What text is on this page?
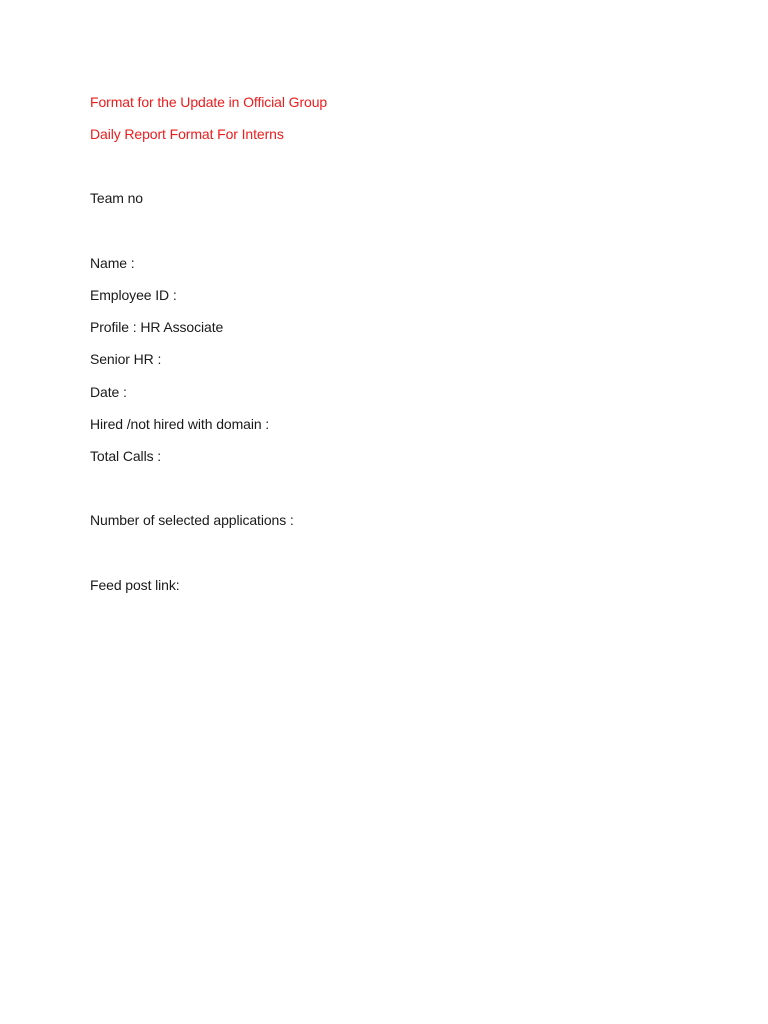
Format for the Update in Official Group
Daily Report Format For Interns
Team no
Name :
Employee ID :
Profile : HR Associate
Senior HR :
Date :
Hired /not hired with domain :
Total Calls :
Number of selected applications :
Feed post link:
